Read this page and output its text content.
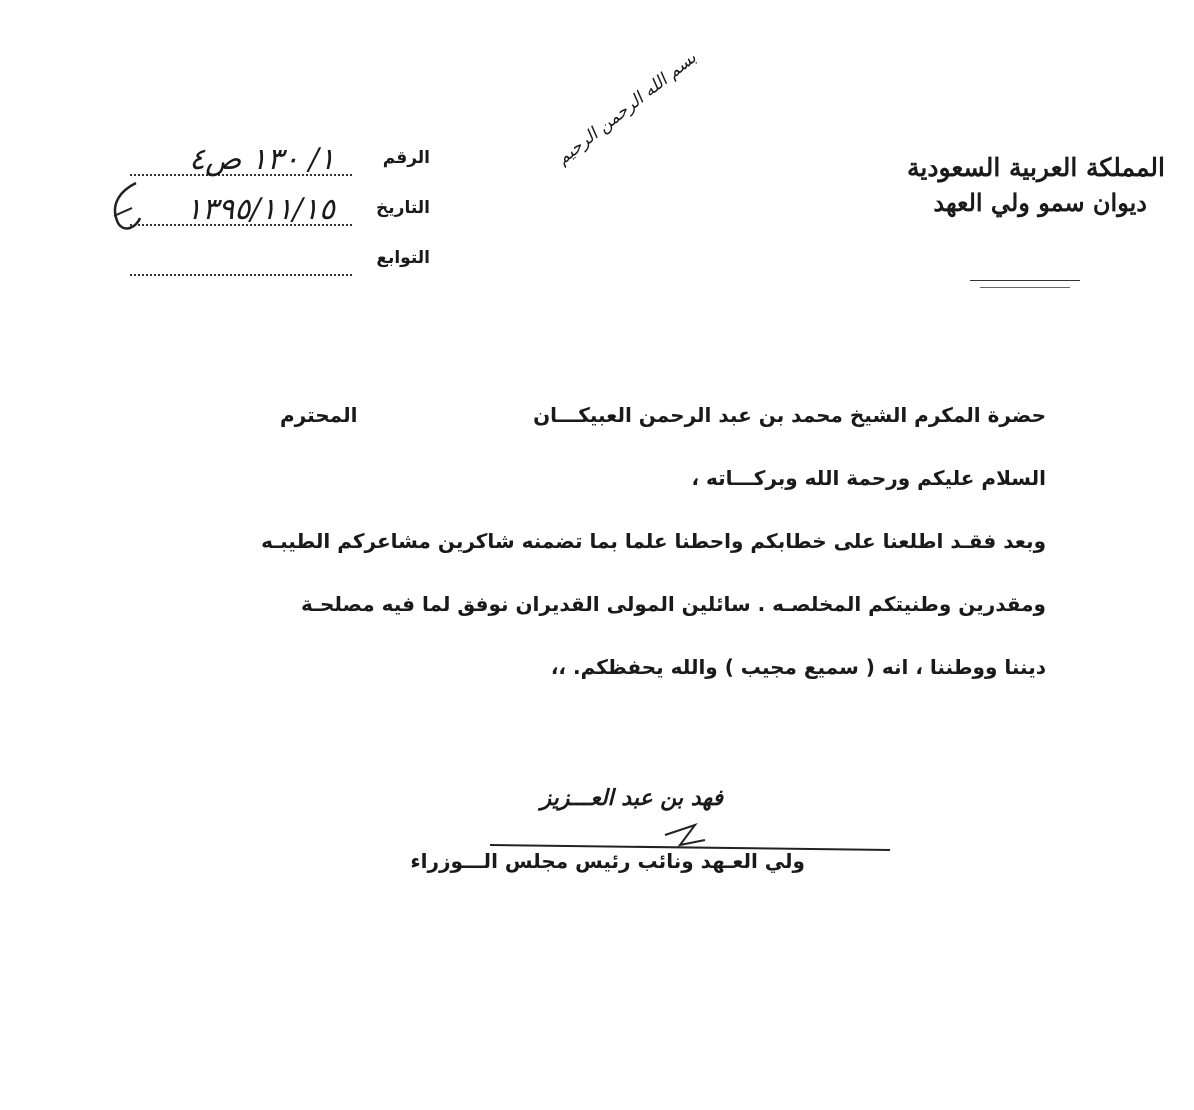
بسم الله الرحمن الرحيم	المملكة العربية السعودية
ديوان سمو ولي العهد
الرقم
١/ ١٣٠ ص٤
التاريخ
١٣٩٥/١١/١٥
التوابع
حضرة المكرم الشيخ محمد بن عبد الرحمن العبيكـــان
المحترم
السلام عليكم ورحمة الله وبركـــاته ،
وبعد فقـد اطلعنا على خطابكم واحطنا علما بما تضمنه شاكرين مشاعركم الطيبـه
ومقدرين وطنيتكم المخلصـه . سائلين المولى القديران نوفق لما فيه مصلحـة
ديننا ووطننا ، انه ( سميع مجيب ) والله يحفظكم. ،،
فهد بن عبد العـــزيز
ولي العـهد ونائب رئيس مجلس الـــوزراء
